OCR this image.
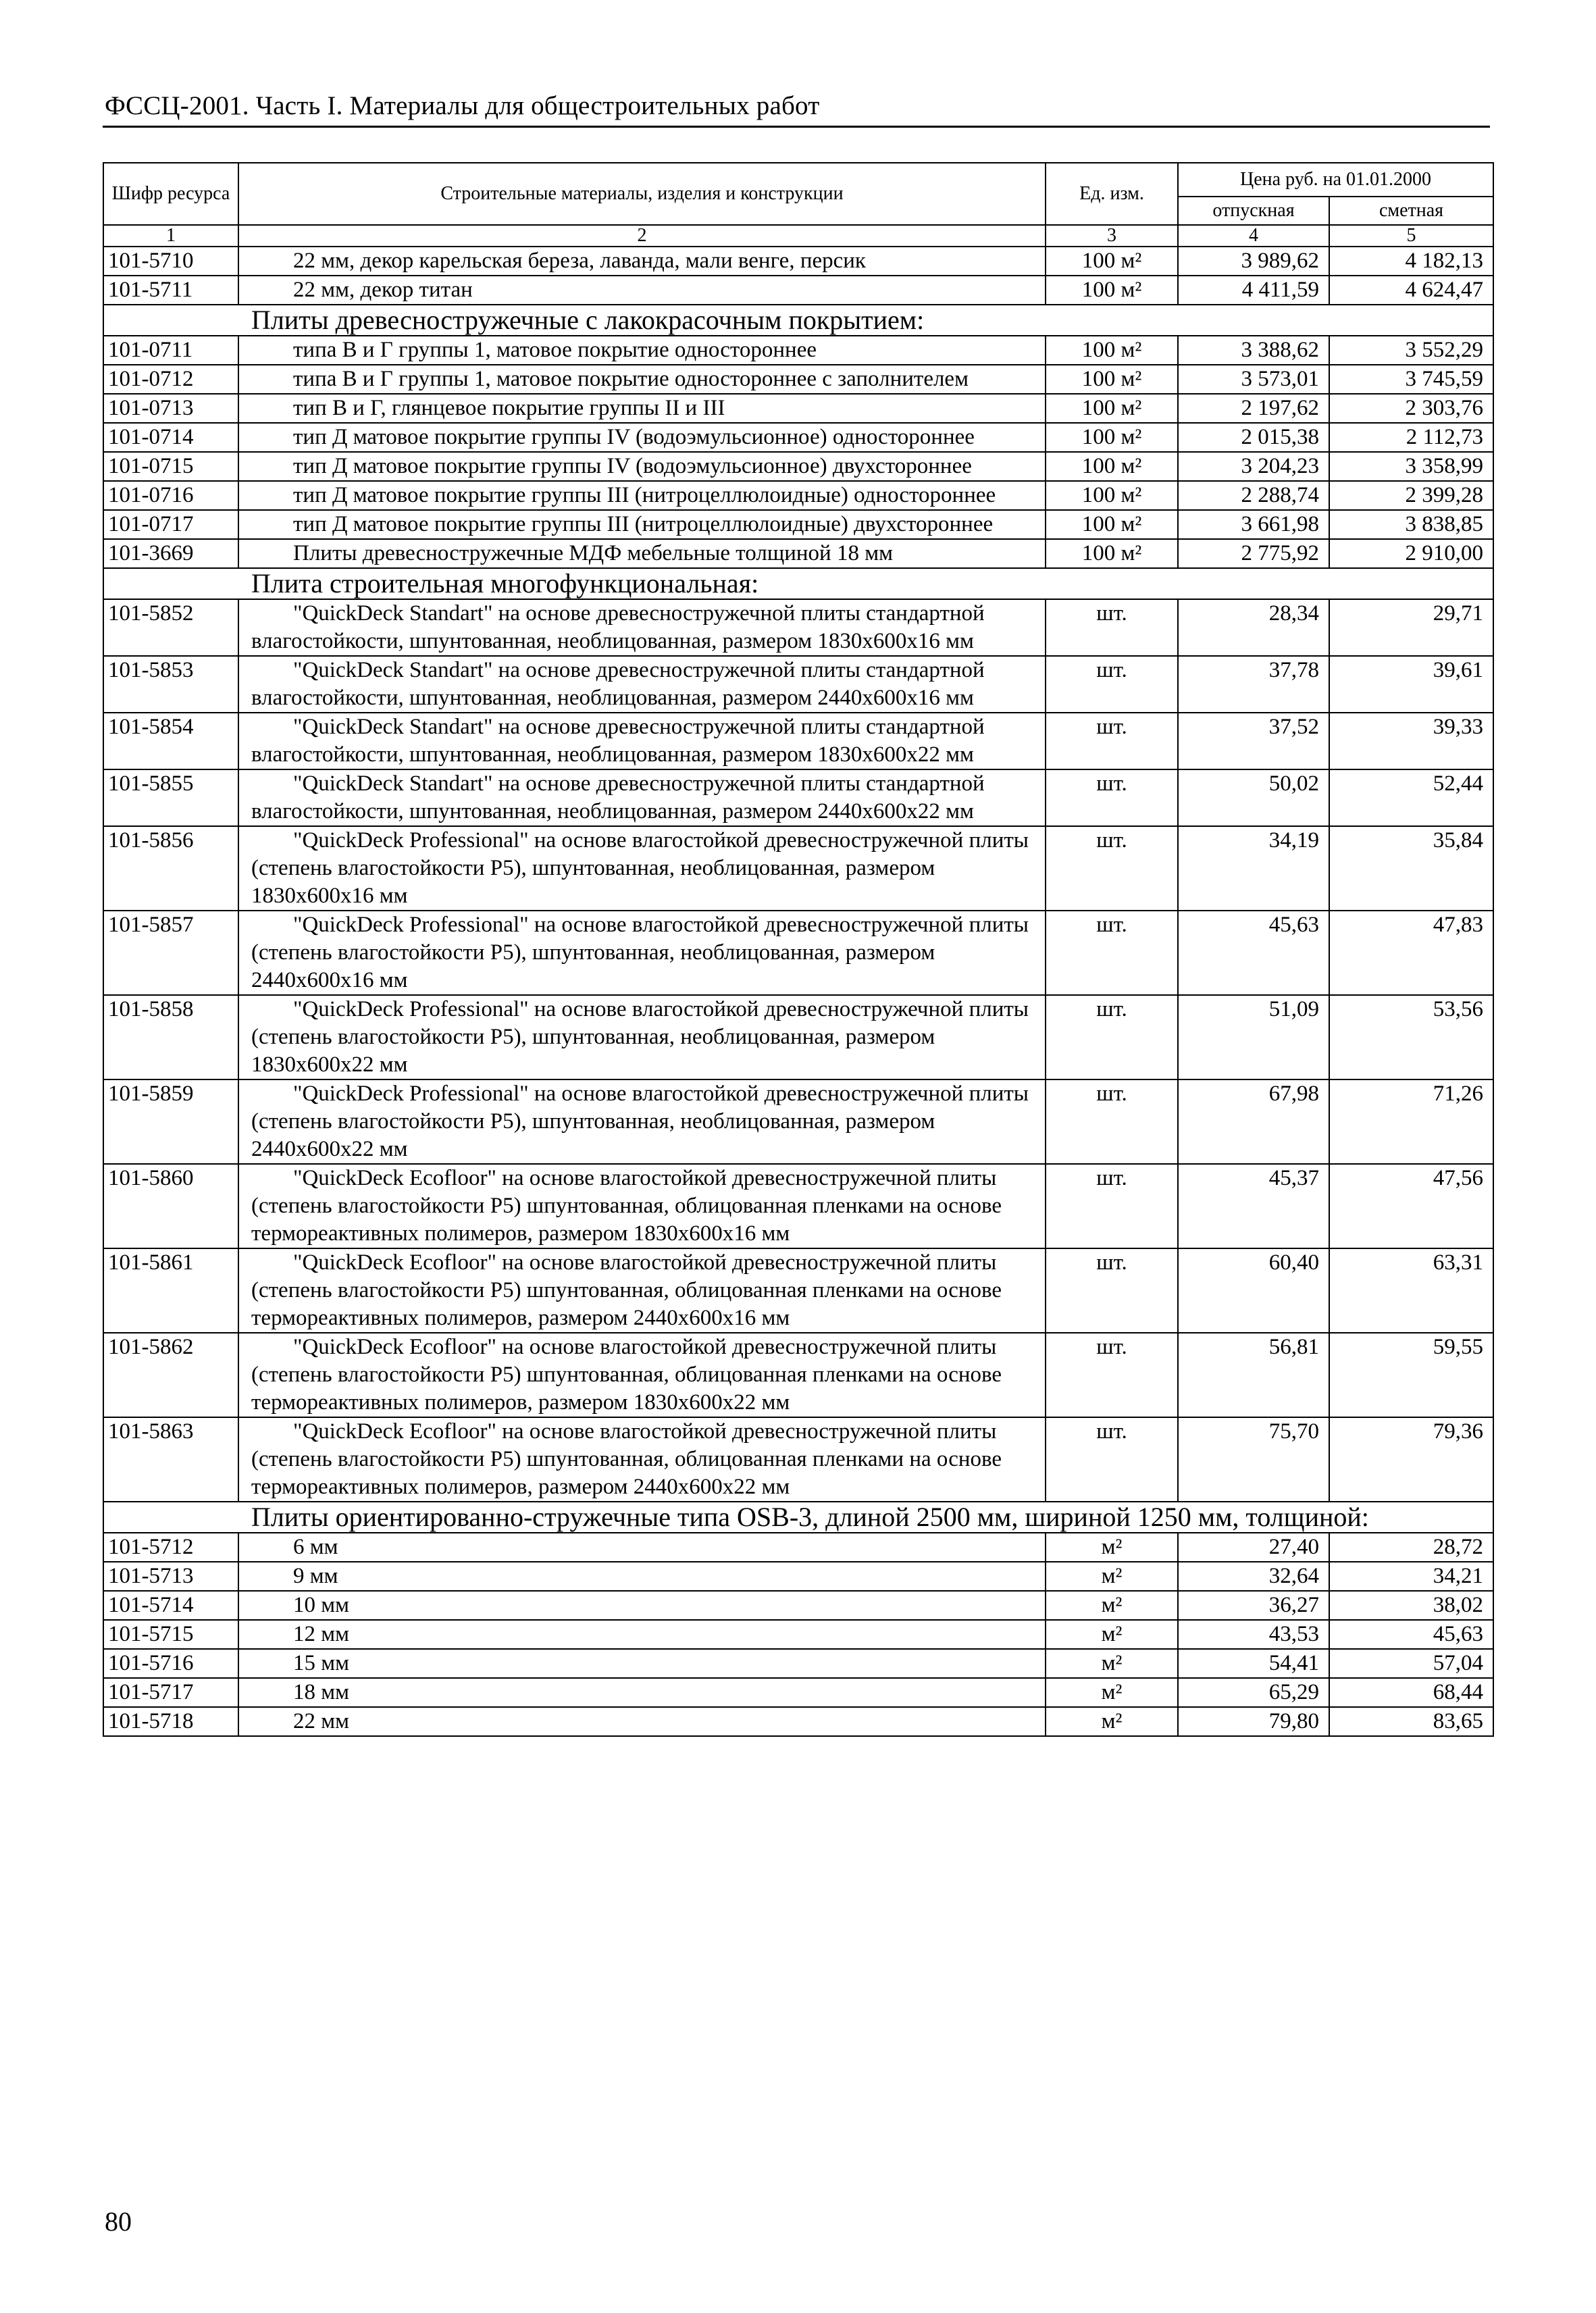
ФССЦ-2001. Часть I. Материалы для общестроительных работ
Шифр ресурса	Строительные материалы, изделия и конструкции	Ед. изм.	Цена руб. на 01.01.2000	
			отпускная	сметная
1	2	3	4	5
101-5710	22 мм, декор карельская береза, лаванда, мали венге, персик	100 м²	3 989,62	4 182,13
101-5711	22 мм, декор титан	100 м²	4 411,59	4 624,47
Плиты древесностружечные с лакокрасочным покрытием:				
101-0711	типа В и Г группы 1, матовое покрытие одностороннее	100 м²	3 388,62	3 552,29
101-0712	типа В и Г группы 1, матовое покрытие одностороннее с заполнителем	100 м²	3 573,01	3 745,59
101-0713	тип В и Г, глянцевое покрытие группы II и III	100 м²	2 197,62	2 303,76
101-0714	тип Д матовое покрытие группы IV (водоэмульсионное) одностороннее	100 м²	2 015,38	2 112,73
101-0715	тип Д матовое покрытие группы IV (водоэмульсионное) двухстороннее	100 м²	3 204,23	3 358,99
101-0716	тип Д матовое покрытие группы III (нитроцеллюлоидные) одностороннее	100 м²	2 288,74	2 399,28
101-0717	тип Д матовое покрытие группы III (нитроцеллюлоидные) двухстороннее	100 м²	3 661,98	3 838,85
101-3669	Плиты древесностружечные МДФ мебельные толщиной 18 мм	100 м²	2 775,92	2 910,00
Плита строительная многофункциональная:				
101-5852	"QuickDeck Standart" на основе древесностружечной плиты стандартной влагостойкости, шпунтованная, необлицованная, размером 1830x600x16 мм	шт.	28,34	29,71
101-5853	"QuickDeck Standart" на основе древесностружечной плиты стандартной влагостойкости, шпунтованная, необлицованная, размером 2440x600x16 мм	шт.	37,78	39,61
101-5854	"QuickDeck Standart" на основе древесностружечной плиты стандартной влагостойкости, шпунтованная, необлицованная, размером 1830x600x22 мм	шт.	37,52	39,33
101-5855	"QuickDeck Standart" на основе древесностружечной плиты стандартной влагостойкости, шпунтованная, необлицованная, размером 2440x600x22 мм	шт.	50,02	52,44
101-5856	"QuickDeck Professional" на основе влагостойкой древесностружечной плиты (степень влагостойкости P5), шпунтованная, необлицованная, размером 1830x600x16 мм	шт.	34,19	35,84
101-5857	"QuickDeck Professional" на основе влагостойкой древесностружечной плиты (степень влагостойкости P5), шпунтованная, необлицованная, размером 2440x600x16 мм	шт.	45,63	47,83
101-5858	"QuickDeck Professional" на основе влагостойкой древесностружечной плиты (степень влагостойкости P5), шпунтованная, необлицованная, размером 1830x600x22 мм	шт.	51,09	53,56
101-5859	"QuickDeck Professional" на основе влагостойкой древесностружечной плиты (степень влагостойкости P5), шпунтованная, необлицованная, размером 2440x600x22 мм	шт.	67,98	71,26
101-5860	"QuickDeck Ecofloor" на основе влагостойкой древесностружечной плиты (степень влагостойкости P5) шпунтованная, облицованная пленками на основе термореактивных полимеров, размером 1830x600x16 мм	шт.	45,37	47,56
101-5861	"QuickDeck Ecofloor" на основе влагостойкой древесностружечной плиты (степень влагостойкости P5) шпунтованная, облицованная пленками на основе термореактивных полимеров, размером 2440x600x16 мм	шт.	60,40	63,31
101-5862	"QuickDeck Ecofloor" на основе влагостойкой древесностружечной плиты (степень влагостойкости P5) шпунтованная, облицованная пленками на основе термореактивных полимеров, размером 1830x600x22 мм	шт.	56,81	59,55
101-5863	"QuickDeck Ecofloor" на основе влагостойкой древесностружечной плиты (степень влагостойкости P5) шпунтованная, облицованная пленками на основе термореактивных полимеров, размером 2440x600x22 мм	шт.	75,70	79,36
Плиты ориентированно-стружечные типа OSB-3, длиной 2500 мм, шириной 1250 мм, толщиной:				
101-5712	6 мм	м²	27,40	28,72
101-5713	9 мм	м²	32,64	34,21
101-5714	10 мм	м²	36,27	38,02
101-5715	12 мм	м²	43,53	45,63
101-5716	15 мм	м²	54,41	57,04
101-5717	18 мм	м²	65,29	68,44
101-5718	22 мм	м²	79,80	83,65
80
